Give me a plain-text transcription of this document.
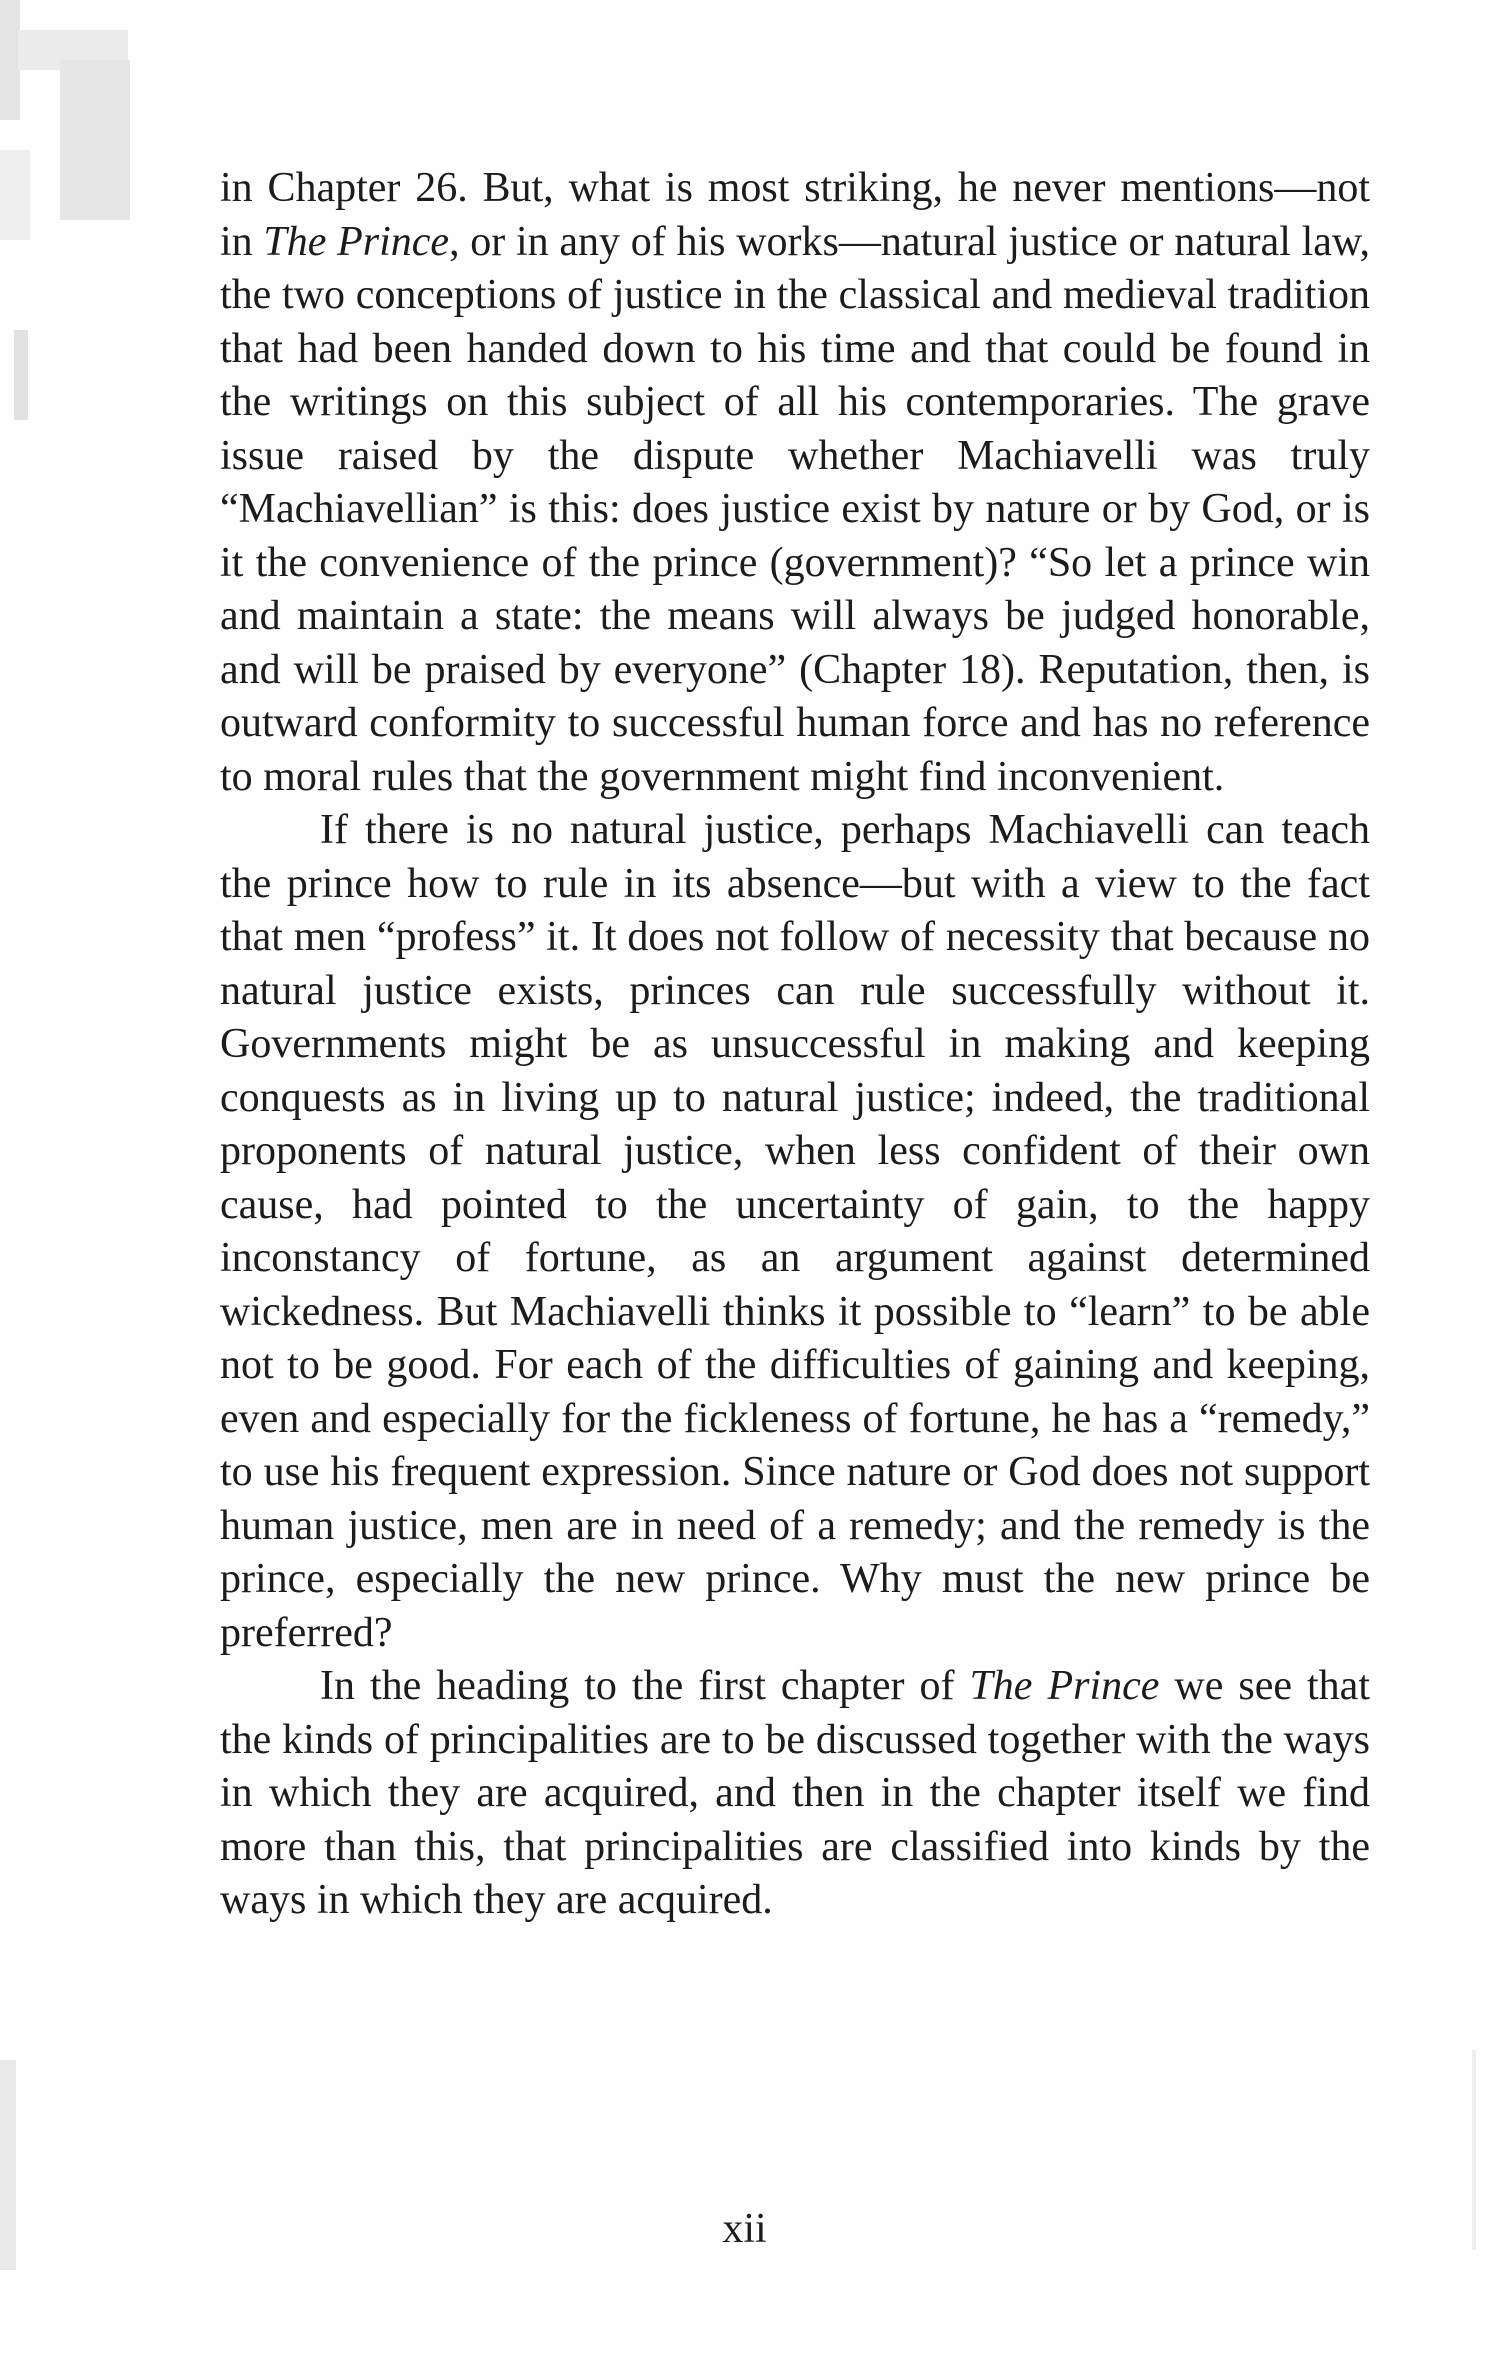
in Chapter 26. But, what is most striking, he never mentions—not in The Prince, or in any of his works—natural justice or natural law, the two conceptions of justice in the classical and medieval tradition that had been handed down to his time and that could be found in the writings on this subject of all his contemporaries. The grave issue raised by the dispute whether Machiavelli was truly “Machiavellian” is this: does justice exist by nature or by God, or is it the convenience of the prince (government)? “So let a prince win and maintain a state: the means will always be judged honorable, and will be praised by everyone” (Chapter 18). Reputation, then, is outward conformity to successful human force and has no reference to moral rules that the government might find inconvenient.

If there is no natural justice, perhaps Machiavelli can teach the prince how to rule in its absence—but with a view to the fact that men “profess” it. It does not follow of necessity that because no natural justice exists, princes can rule successfully without it. Governments might be as unsuccessful in making and keeping conquests as in living up to natural justice; indeed, the traditional proponents of natural justice, when less confident of their own cause, had pointed to the uncertainty of gain, to the happy inconstancy of fortune, as an argument against determined wickedness. But Machiavelli thinks it possible to “learn” to be able not to be good. For each of the difficulties of gaining and keeping, even and especially for the fickleness of fortune, he has a “remedy,” to use his frequent expression. Since nature or God does not support human justice, men are in need of a remedy; and the remedy is the prince, especially the new prince. Why must the new prince be preferred?

In the heading to the first chapter of The Prince we see that the kinds of principalities are to be discussed together with the ways in which they are acquired, and then in the chapter itself we find more than this, that principalities are classified into kinds by the ways in which they are acquired.

xii
